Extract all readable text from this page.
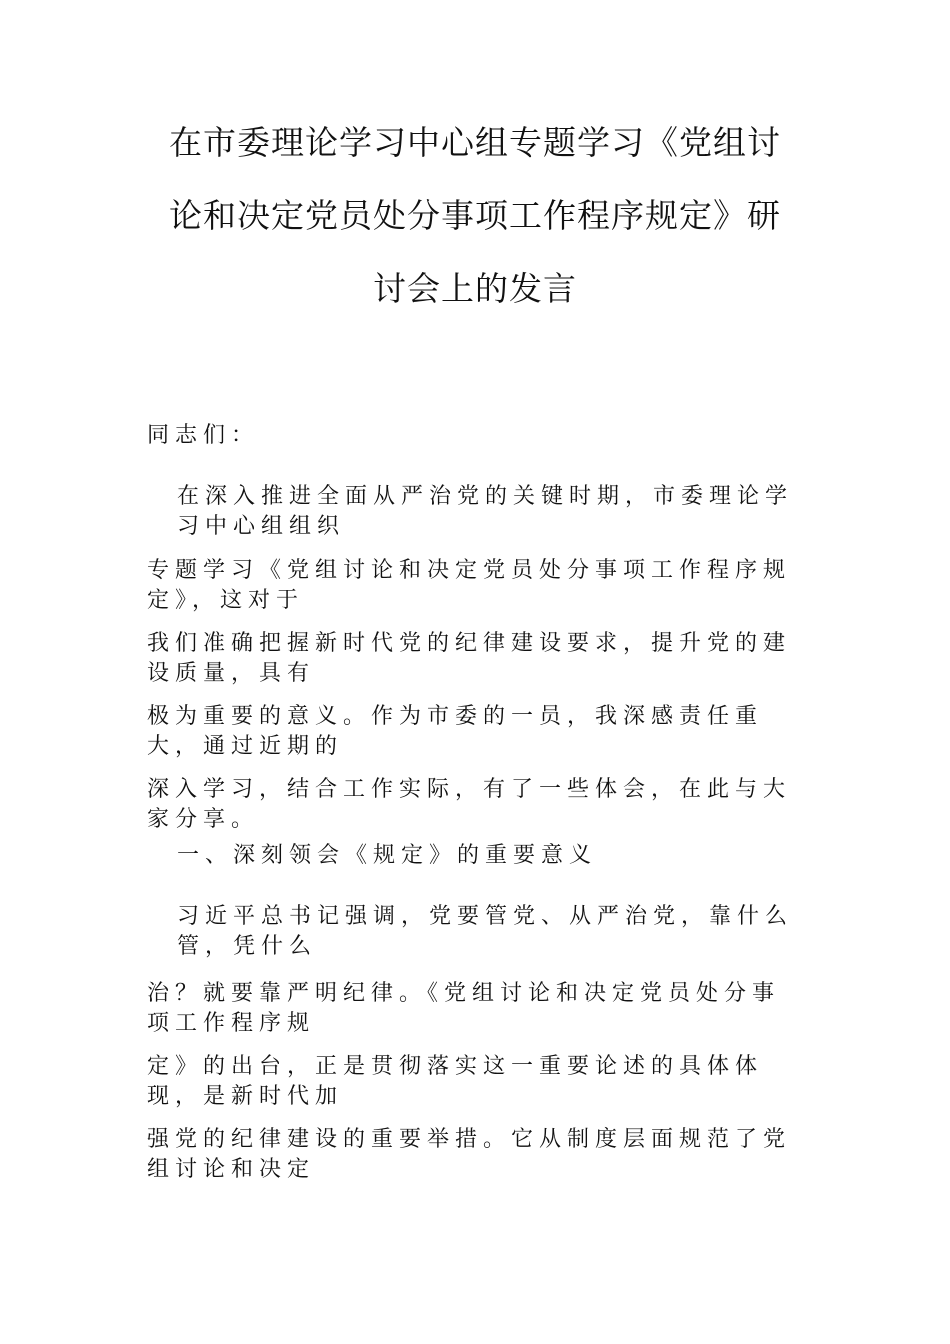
在市委理论学习中心组专题学习《党组讨
论和决定党员处分事项工作程序规定》研
讨会上的发言
同志们：
在深入推进全面从严治党的关键时期，市委理论学习中心组组织
专题学习《党组讨论和决定党员处分事项工作程序规定》，这对于
我们准确把握新时代党的纪律建设要求，提升党的建设质量，具有
极为重要的意义。作为市委的一员，我深感责任重大，通过近期的
深入学习，结合工作实际，有了一些体会，在此与大家分享。
一、深刻领会《规定》的重要意义
习近平总书记强调，党要管党、从严治党，靠什么管，凭什么
治？就要靠严明纪律。《党组讨论和决定党员处分事项工作程序规
定》的出台，正是贯彻落实这一重要论述的具体体现，是新时代加
强党的纪律建设的重要举措。它从制度层面规范了党组讨论和决定
